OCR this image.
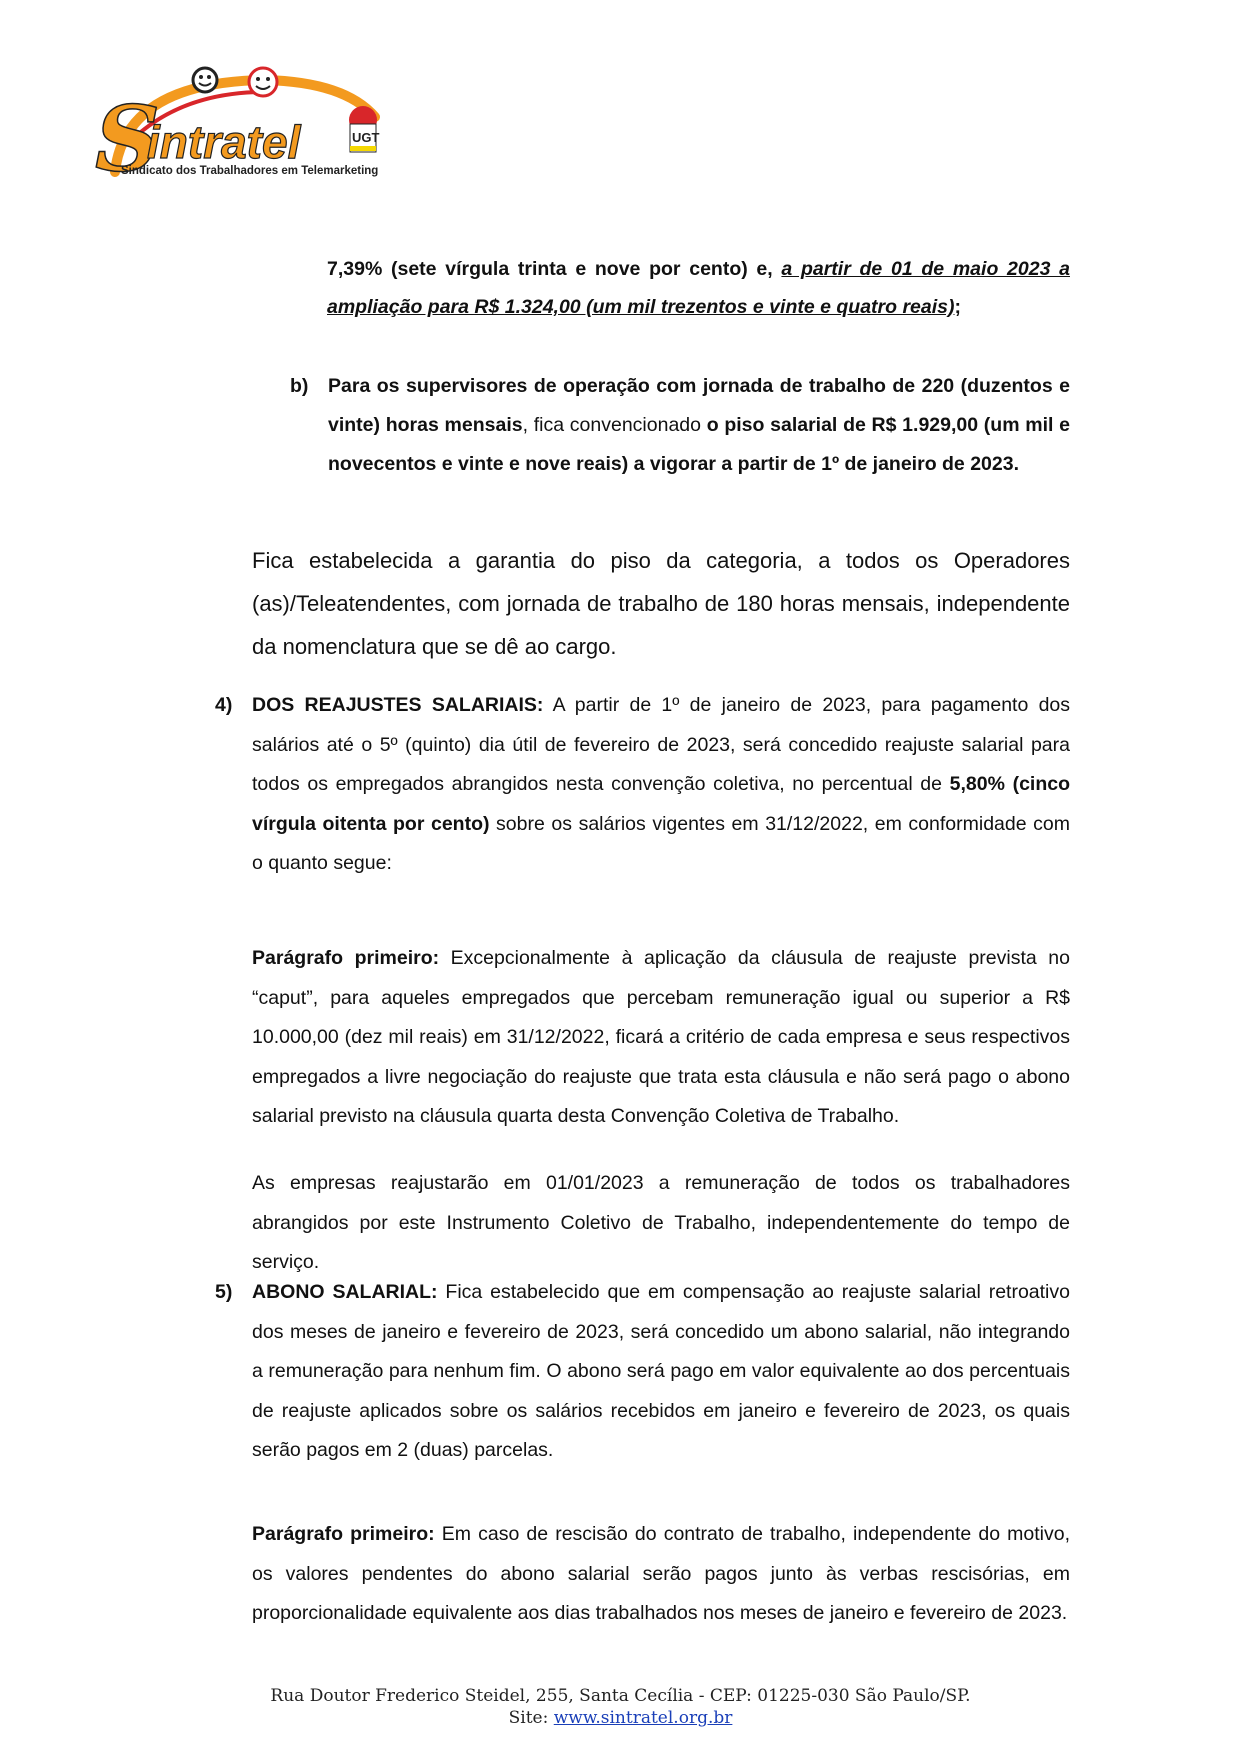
S
intratel	UGT
Sindicato dos Trabalhadores em Telemarketing

7,39% (sete vírgula trinta e nove por cento) e, a partir de 01 de maio 2023 a ampliação para R$ 1.324,00 (um mil trezentos e vinte e quatro reais);

b) Para os supervisores de operação com jornada de trabalho de 220 (duzentos e vinte) horas mensais, fica convencionado o piso salarial de R$ 1.929,00 (um mil e novecentos e vinte e nove reais) a vigorar a partir de 1º de janeiro de 2023.

Fica estabelecida a garantia do piso da categoria, a todos os Operadores (as)/Teleatendentes, com jornada de trabalho de 180 horas mensais, independente da nomenclatura que se dê ao cargo.

4) DOS REAJUSTES SALARIAIS: A partir de 1º de janeiro de 2023, para pagamento dos salários até o 5º (quinto) dia útil de fevereiro de 2023, será concedido reajuste salarial para todos os empregados abrangidos nesta convenção coletiva, no percentual de 5,80% (cinco vírgula oitenta por cento) sobre os salários vigentes em 31/12/2022, em conformidade com o quanto segue:

Parágrafo primeiro: Excepcionalmente à aplicação da cláusula de reajuste prevista no “caput”, para aqueles empregados que percebam remuneração igual ou superior a R$ 10.000,00 (dez mil reais) em 31/12/2022, ficará a critério de cada empresa e seus respectivos empregados a livre negociação do reajuste que trata esta cláusula e não será pago o abono salarial previsto na cláusula quarta desta Convenção Coletiva de Trabalho.

As empresas reajustarão em 01/01/2023 a remuneração de todos os trabalhadores abrangidos por este Instrumento Coletivo de Trabalho, independentemente do tempo de serviço.

5) ABONO SALARIAL: Fica estabelecido que em compensação ao reajuste salarial retroativo dos meses de janeiro e fevereiro de 2023, será concedido um abono salarial, não integrando a remuneração para nenhum fim. O abono será pago em valor equivalente ao dos percentuais de reajuste aplicados sobre os salários recebidos em janeiro e fevereiro de 2023, os quais serão pagos em 2 (duas) parcelas.

Parágrafo primeiro: Em caso de rescisão do contrato de trabalho, independente do motivo, os valores pendentes do abono salarial serão pagos junto às verbas rescisórias, em proporcionalidade equivalente aos dias trabalhados nos meses de janeiro e fevereiro de 2023.

Rua Doutor Frederico Steidel, 255, Santa Cecília - CEP: 01225-030 São Paulo/SP.
Site: www.sintratel.org.br
